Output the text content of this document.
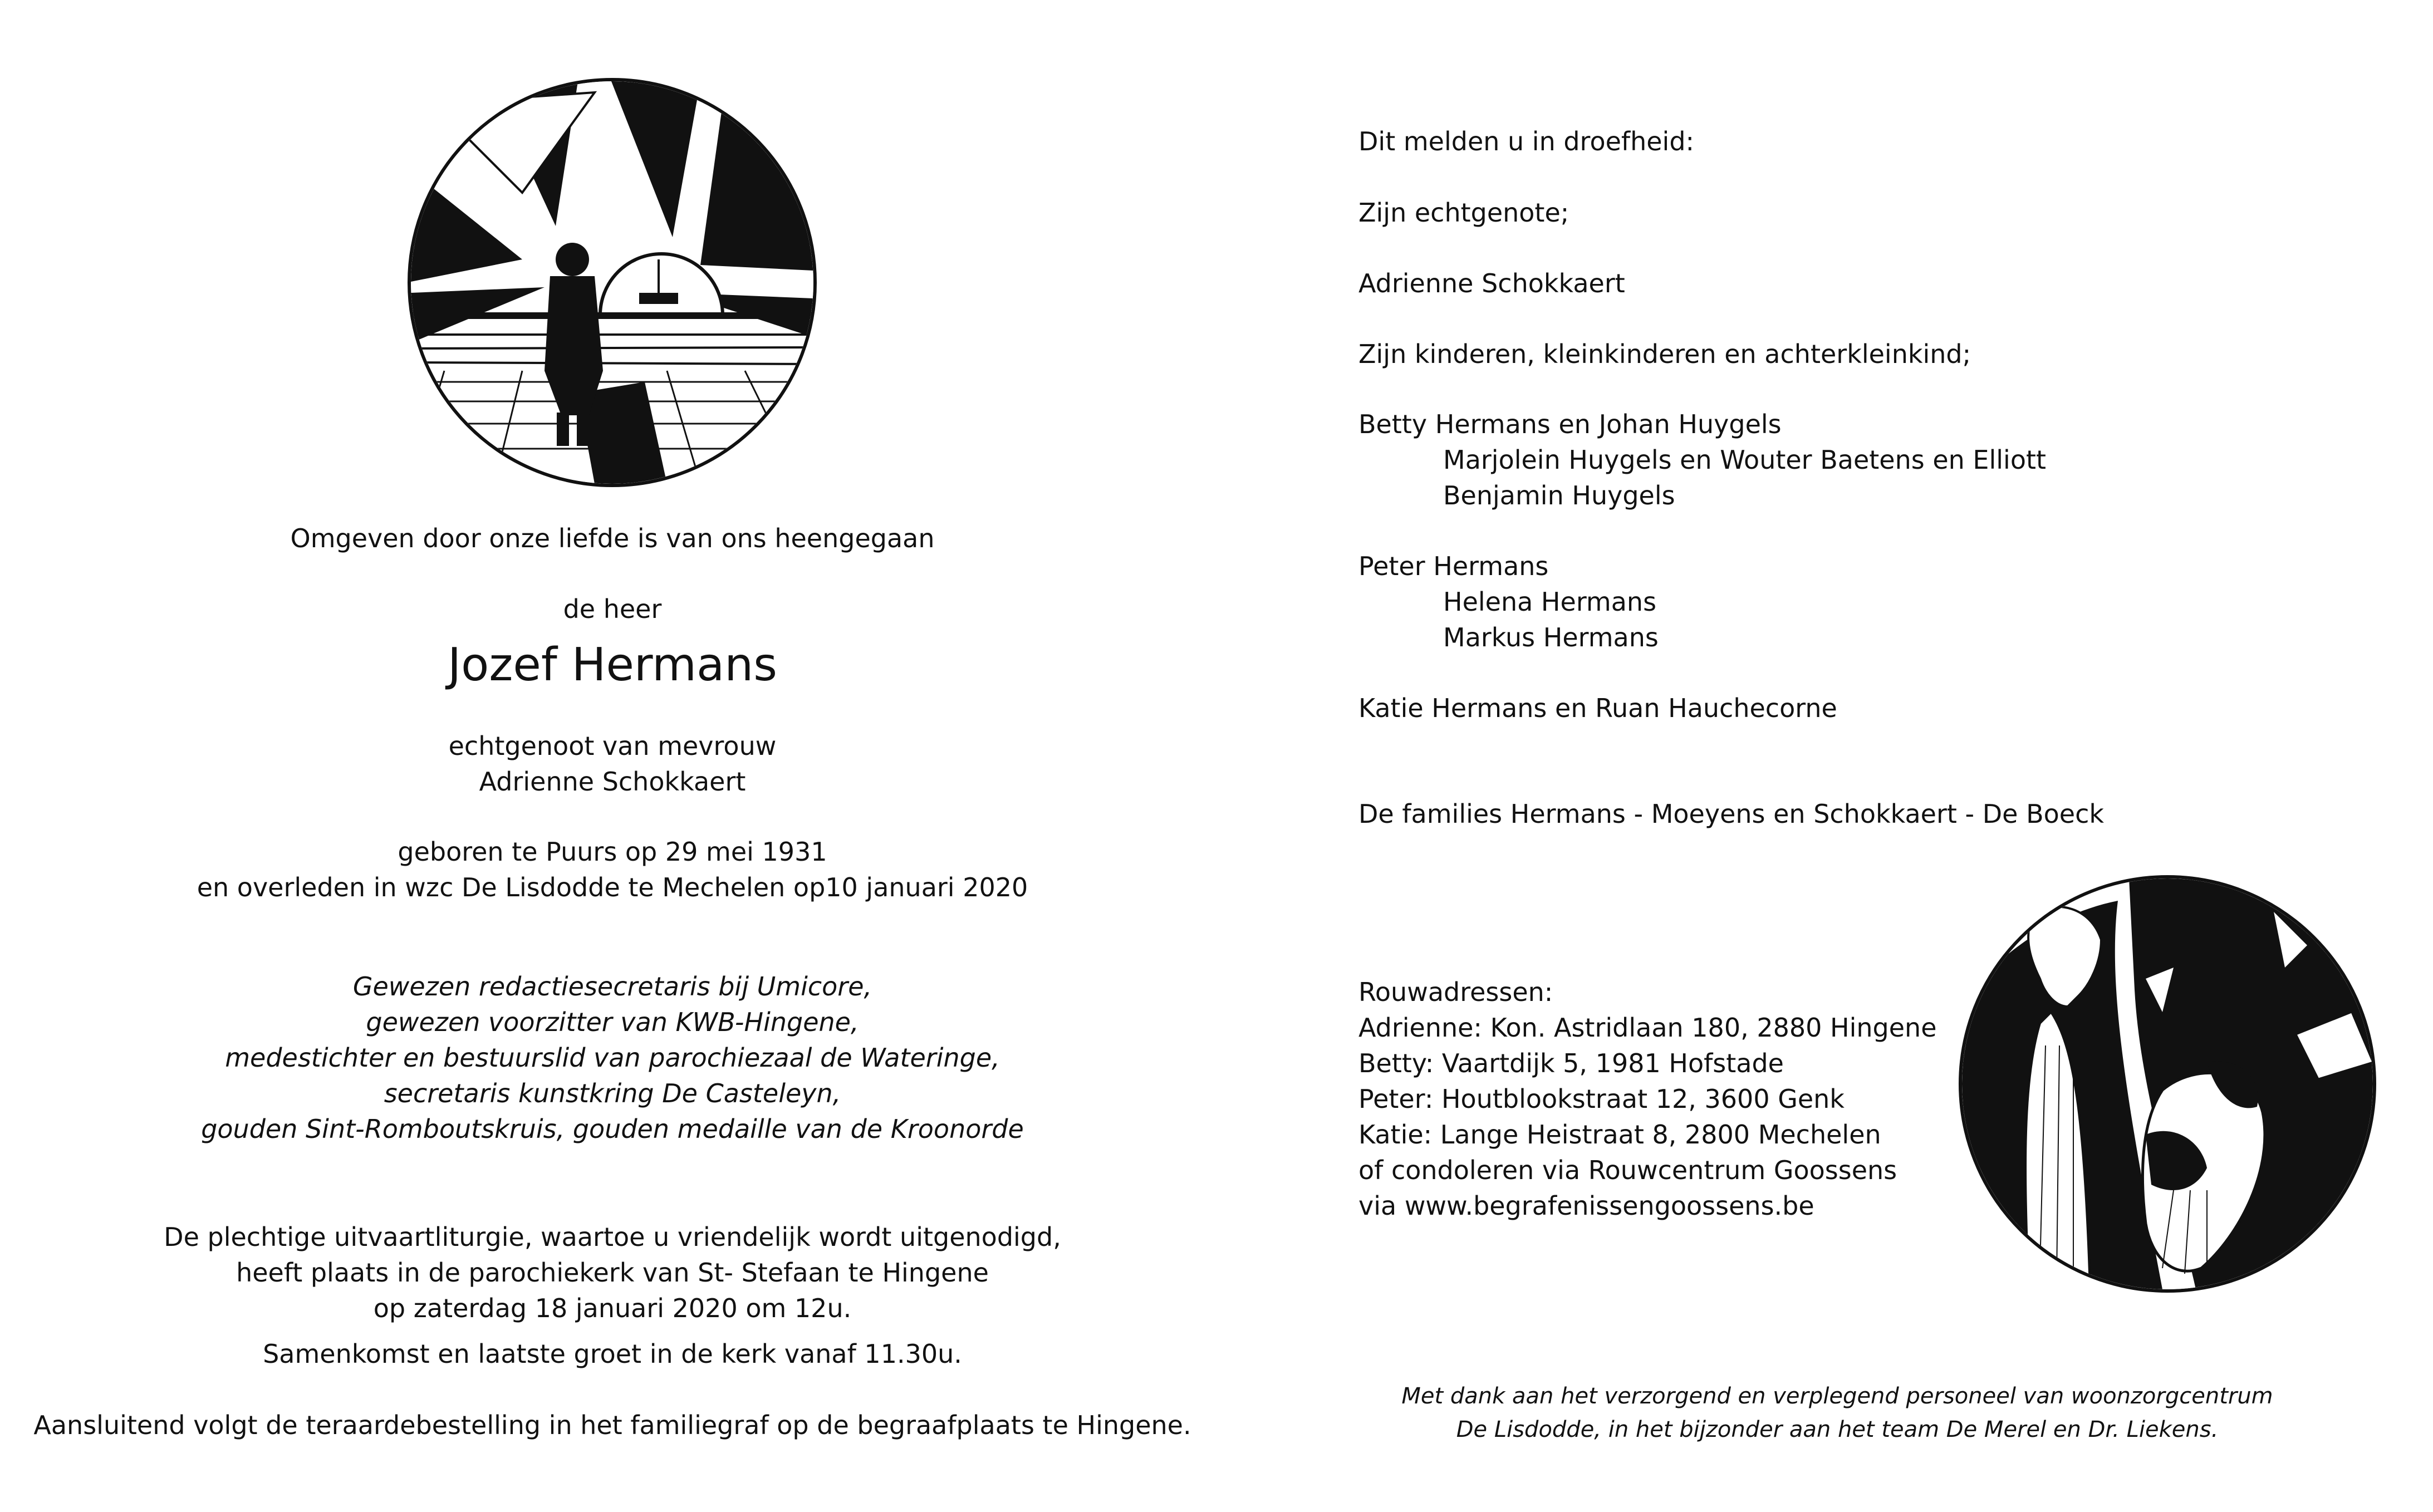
Omgeven door onze liefde is van ons heengegaan
de heer
Jozef Hermans

echtgenoot van mevrouw

Adrienne Schokkaert

geboren te Puurs op 29 mei 1931

en overleden in wzc De Lisdodde te Mechelen op10 januari 2020

Gewezen redactiesecretaris bij Umicore,

gewezen voorzitter van KWB-Hingene,

medestichter en bestuurslid van parochiezaal de Wateringe,

secretaris kunstkring De Casteleyn,

gouden Sint-Romboutskruis, gouden medaille van de Kroonorde

De plechtige uitvaartliturgie, waartoe u vriendelijk wordt uitgenodigd,

heeft plaats in de parochiekerk van St- Stefaan te Hingene

op zaterdag 18 januari 2020 om 12u.

Samenkomst en laatste groet in de kerk vanaf 11.30u.
Aansluitend volgt de teraardebestelling in het familiegraf op de begraafplaats te Hingene.
Dit melden u in droefheid:
Zijn echtgenote;
Adrienne Schokkaert
Zijn kinderen, kleinkinderen en achterkleinkind;
Betty Hermans en Johan Huygels
Marjolein Huygels en Wouter Baetens en Elliott
Benjamin Huygels
Peter Hermans
Helena Hermans
Markus Hermans
Katie Hermans en Ruan Hauchecorne
De families Hermans - Moeyens en Schokkaert - De Boeck
Rouwadressen:
Adrienne: Kon. Astridlaan 180, 2880 Hingene
Betty: Vaartdijk 5, 1981 Hofstade
Peter: Houtblookstraat 12, 3600 Genk
Katie: Lange Heistraat 8, 2800 Mechelen
of condoleren via Rouwcentrum Goossens
via www.begrafenissengoossens.be
Met dank aan het verzorgend en verplegend personeel van woonzorgcentrum
De Lisdodde, in het bijzonder aan het team De Merel en Dr. Liekens.
